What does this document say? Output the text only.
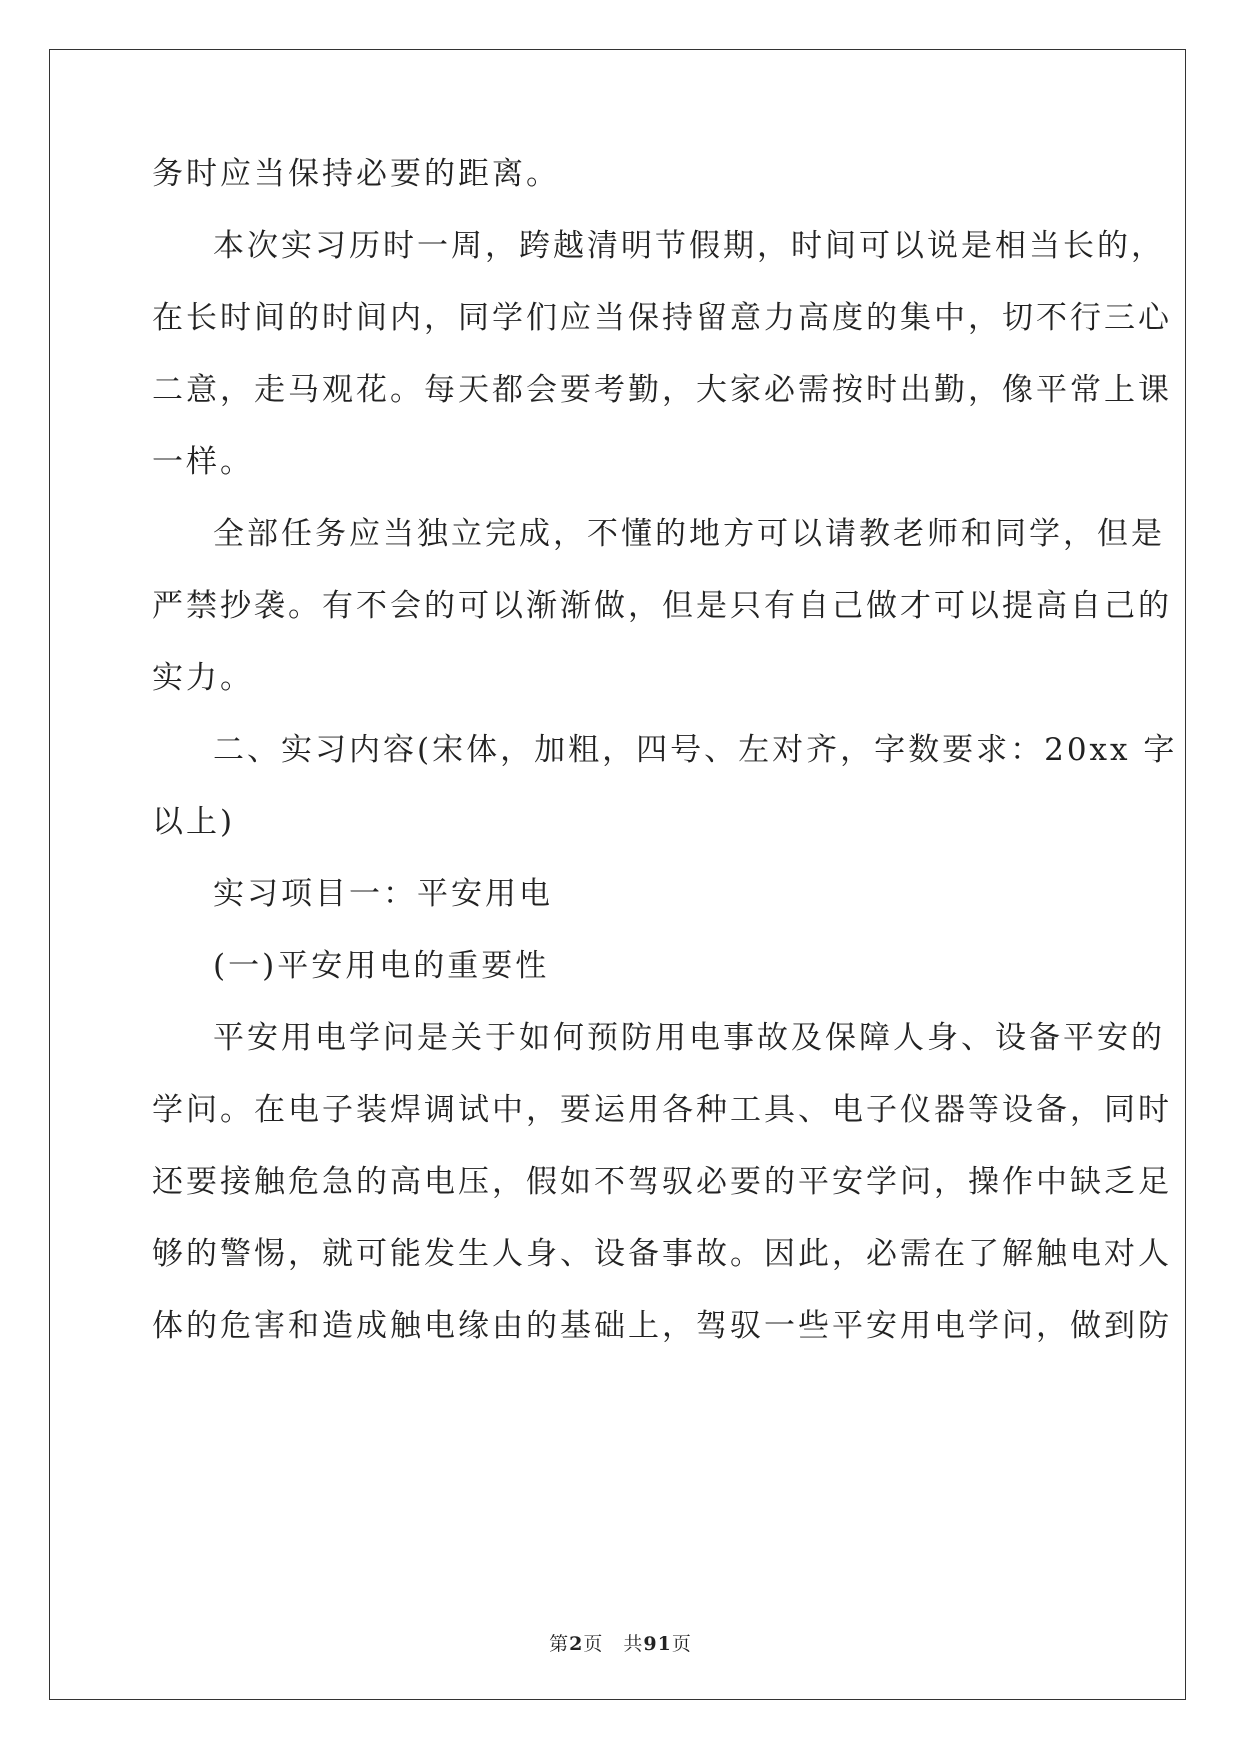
务时应当保持必要的距离。
本次实习历时一周，跨越清明节假期，时间可以说是相当长的，
在长时间的时间内，同学们应当保持留意力高度的集中，切不行三心
二意，走马观花。每天都会要考勤，大家必需按时出勤，像平常上课
一样。
全部任务应当独立完成，不懂的地方可以请教老师和同学，但是
严禁抄袭。有不会的可以渐渐做，但是只有自己做才可以提高自己的
实力。
二、实习内容(宋体，加粗，四号、左对齐，字数要求：20xx 字
以上)
实习项目一：平安用电
(一)平安用电的重要性
平安用电学问是关于如何预防用电事故及保障人身、设备平安的
学问。在电子装焊调试中，要运用各种工具、电子仪器等设备，同时
还要接触危急的高电压，假如不驾驭必要的平安学问，操作中缺乏足
够的警惕，就可能发生人身、设备事故。因此，必需在了解触电对人
体的危害和造成触电缘由的基础上，驾驭一些平安用电学问，做到防
第2页　共91页
